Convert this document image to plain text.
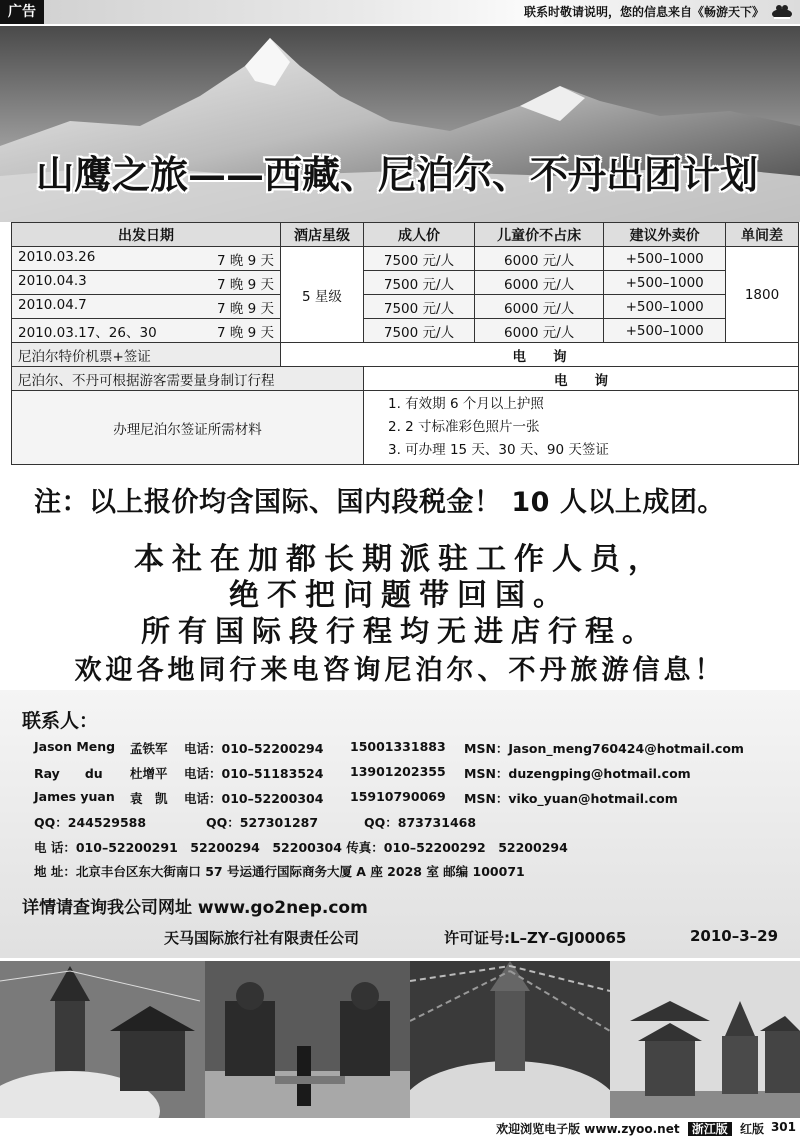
广告	联系时敬请说明，您的信息来自《畅游天下》
山鹰之旅——西藏、尼泊尔、不丹出团计划
出发日期	酒店星级	成人价	儿童价不占床	建议外卖价	单间差
2010.03.26 7 晚 9 天	5 星级	7500 元/人	6000 元/人	+500–1000	1800
2010.04.3 7 晚 9 天		7500 元/人	6000 元/人	+500–1000	
2010.04.7 7 晚 9 天		7500 元/人	6000 元/人	+500–1000	
2010.03.17、26、30 7 晚 9 天		7500 元/人	6000 元/人	+500–1000	
尼泊尔特价机票+签证	电　　询				
尼泊尔、不丹可根据游客需要量身制订行程		电　　询			
办理尼泊尔签证所需材料		1. 有效期 6 个月以上护照
2. 2 寸标准彩色照片一张
3. 可办理 15 天、30 天、90 天签证			
注：以上报价均含国际、国内段税金！ 10 人以上成团。
本社在加都长期派驻工作人员，
绝不把问题带回国。
所有国际段行程均无进店行程。
欢迎各地同行来电咨询尼泊尔、不丹旅游信息！
联系人：
Jason Meng 孟铁军 电话：010–52200294 15001331883 MSN：Jason_meng760424@hotmail.com
Ray　　du 杜增平 电话：010–51183524 13901202355 MSN：duzengping@hotmail.com
James yuan 袁　凯 电话：010–52200304 15910790069 MSN：viko_yuan@hotmail.com
QQ：244529588	QQ：527301287	QQ：873731468
电 话：010–52200291　52200294　52200304 传真：010–52200292　52200294
地 址：北京丰台区东大街南口 57 号运通行国际商务大厦 A 座 2028 室 邮编 100071
详情请查询我公司网址 www.go2nep.com
天马国际旅行社有限责任公司	许可证号:L–ZY–GJ00065	2010–3–29
欢迎浏览电子版 www.zyoo.net 浙江版 红版 301
